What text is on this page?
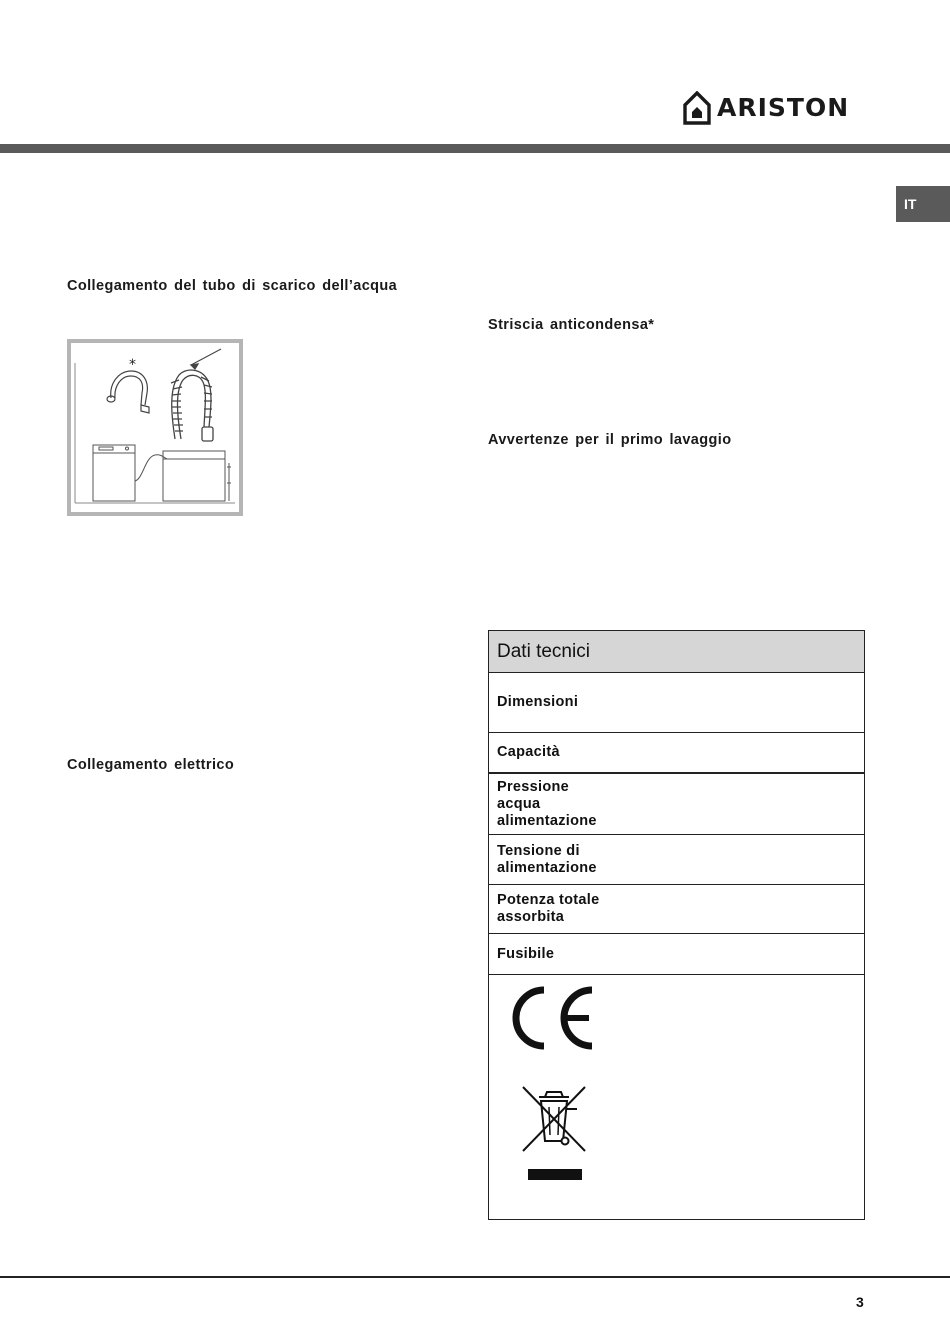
ARISTON
IT
Collegamento del tubo di scarico dell’acqua
*
Collegamento elettrico
Striscia anticondensa*
Avvertenze per il primo lavaggio
Dati tecnici
Dimensioni
Capacità
Pressione
acqua
alimentazione
Tensione di
alimentazione
Potenza totale
assorbita
Fusibile
3
